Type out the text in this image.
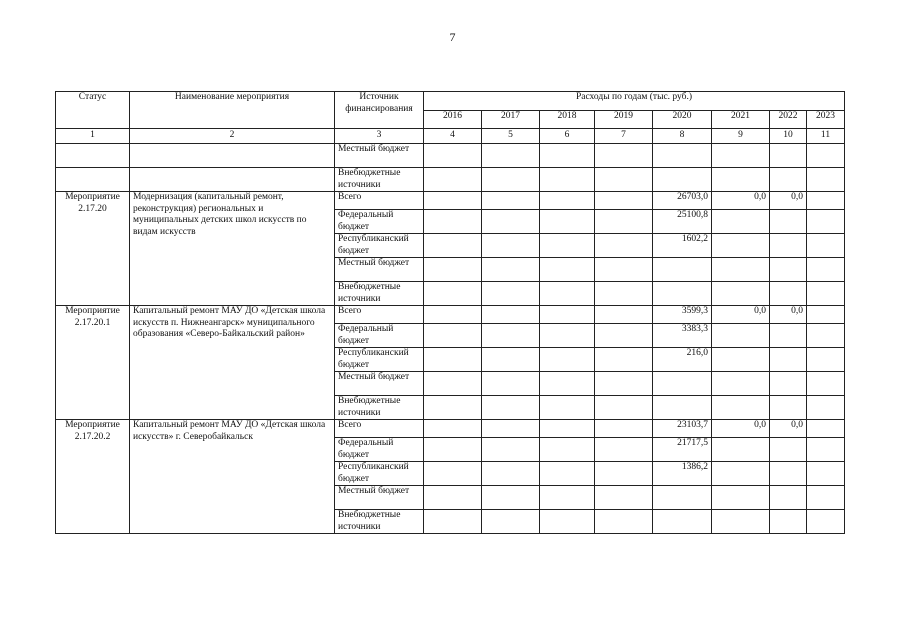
7
Статус	Наименование мероприятия	Источник финансирования	Расходы по годам (тыс. руб.)							
			2016	2017	2018	2019	2020	2021	2022	2023
1	2	3	4	5	6	7	8	9	10	11
		Местный бюджет								
		Внебюджетные источники								
Мероприятие 2.17.20	Модернизация (капитальный ремонт, реконструкция) региональных и муниципальных детских школ искусств по видам искусств	Всего					26703,0	0,0	0,0	
		Федеральный бюджет					25100,8			
		Республиканский бюджет					1602,2			
		Местный бюджет								
		Внебюджетные источники								
Мероприятие 2.17.20.1	Капитальный ремонт МАУ ДО «Детская школа искусств п. Нижнеангарск» муниципального образования «Северо-Байкальский район»	Всего					3599,3	0,0	0,0	
		Федеральный бюджет					3383,3			
		Республиканский бюджет					216,0			
		Местный бюджет								
		Внебюджетные источники								
Мероприятие 2.17.20.2	Капитальный ремонт МАУ ДО «Детская школа искусств» г. Северобайкальск	Всего					23103,7	0,0	0,0	
		Федеральный бюджет					21717,5			
		Республиканский бюджет					1386,2			
		Местный бюджет								
		Внебюджетные источники								
